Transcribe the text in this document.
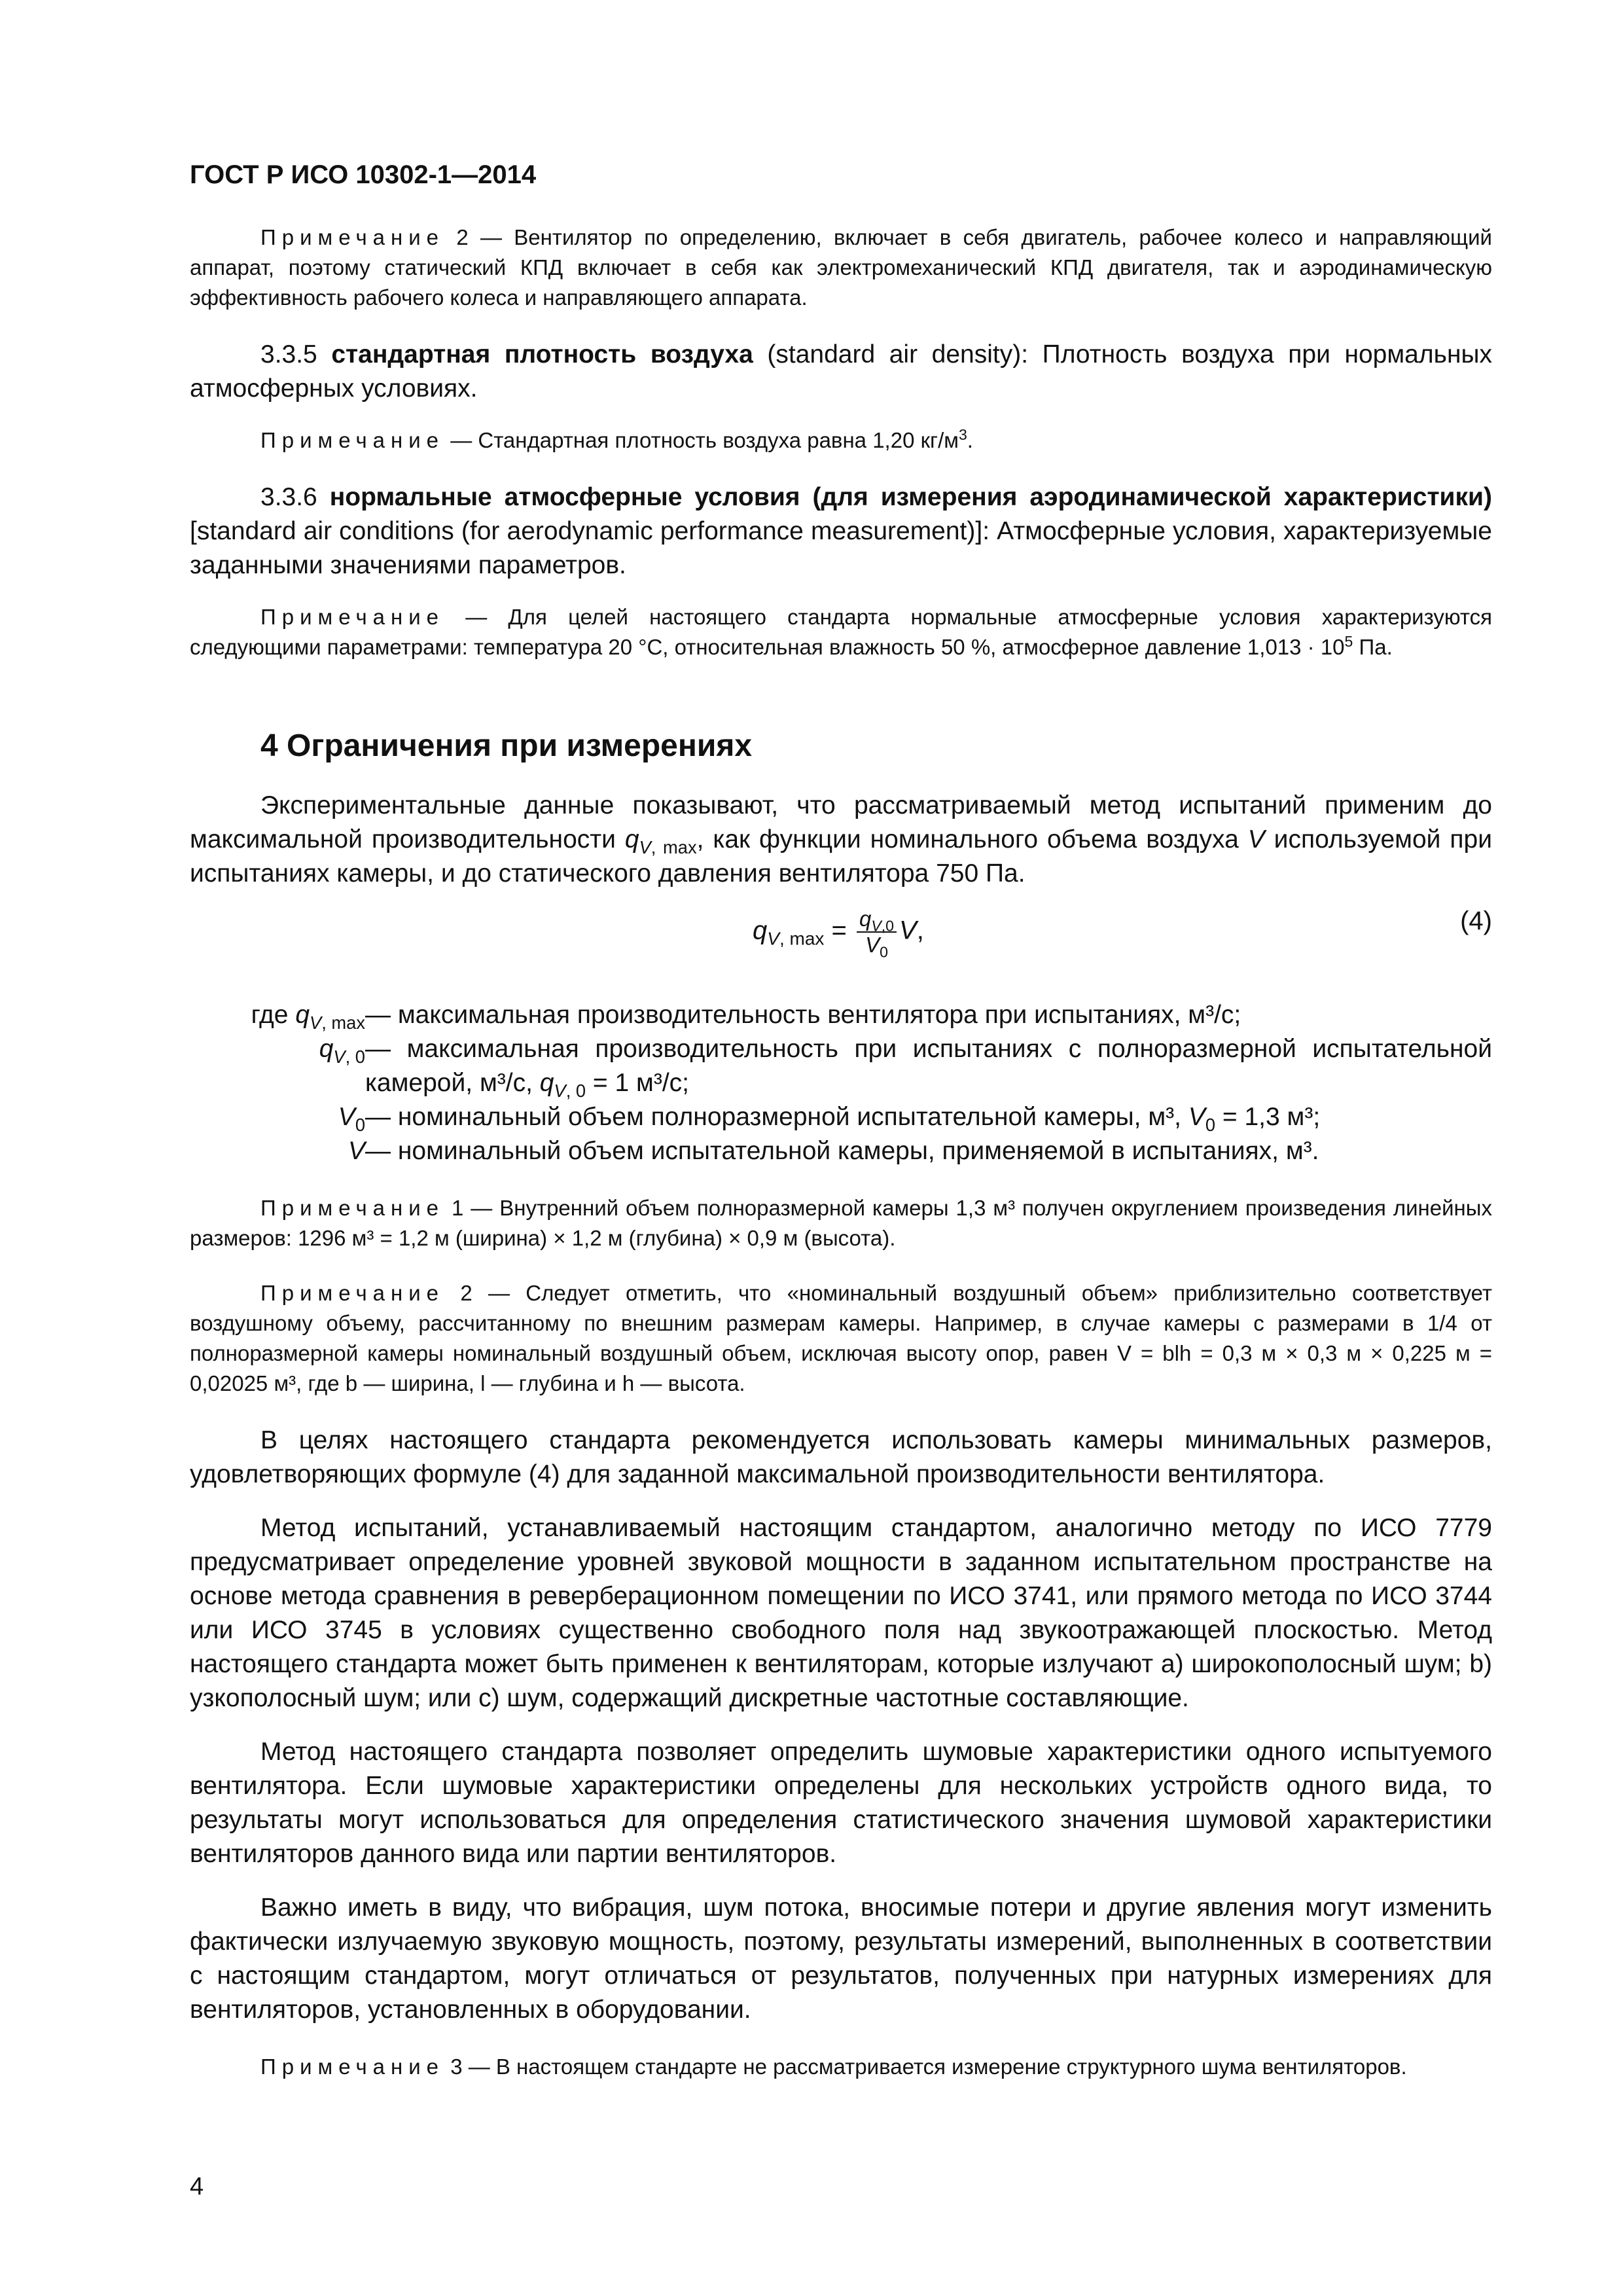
ГОСТ Р ИСО 10302-1—2014

Примечание 2 — Вентилятор по определению, включает в себя двигатель, рабочее колесо и направляющий аппарат, поэтому статический КПД включает в себя как электромеханический КПД двигателя, так и аэродинамическую эффективность рабочего колеса и направляющего аппарата.

3.3.5 стандартная плотность воздуха (standard air density): Плотность воздуха при нормальных атмосферных условиях.

Примечание — Стандартная плотность воздуха равна 1,20 $кг/м^3$.

3.3.6 нормальные атмосферные условия (для измерения аэродинамической характеристики) [standard air conditions (for aerodynamic performance measurement)]: Атмосферные условия, характеризуемые заданными значениями параметров.

Примечание — Для целей настоящего стандарта нормальные атмосферные условия характеризуются следующими параметрами: температура 20 °C, относительная влажность 50 %, атмосферное давление $1,013 \cdot 10^5$ Па.

4 Ограничения при измерениях

Экспериментальные данные показывают, что рассматриваемый метод испытаний применим до максимальной производительности $q_{V, max}$, как функции номинального объема воздуха V используемой при испытаниях камеры, и до статического давления вентилятора 750 Па.

$q_{V, max} = \frac{q_{V,0}}{V_0} V$,	(4)
где $q_{V, max}$ — максимальная производительность вентилятора при испытаниях, м³/с;
$q_{V, 0}$ — максимальная производительность при испытаниях с полноразмерной испытательной камерой, м³/с, $q_{V, 0} = 1$ м³/с;
$V_0$ — номинальный объем полноразмерной испытательной камеры, м³, $V_0 = 1,3$ м³;
V — номинальный объем испытательной камеры, применяемой в испытаниях, м³.

Примечание 1 — Внутренний объем полноразмерной камеры 1,3 м³ получен округлением произведения линейных размеров: 1296 м³ = 1,2 м (ширина) × 1,2 м (глубина) × 0,9 м (высота).

Примечание 2 — Следует отметить, что «номинальный воздушный объем» приблизительно соответствует воздушному объему, рассчитанному по внешним размерам камеры. Например, в случае камеры с размерами в 1/4 от полноразмерной камеры номинальный воздушный объем, исключая высоту опор, равен V = blh = 0,3 м × 0,3 м × 0,225 м = 0,02025 м³, где b — ширина, l — глубина и h — высота.

В целях настоящего стандарта рекомендуется использовать камеры минимальных размеров, удовлетворяющих формуле (4) для заданной максимальной производительности вентилятора.

Метод испытаний, устанавливаемый настоящим стандартом, аналогично методу по ИСО 7779 предусматривает определение уровней звуковой мощности в заданном испытательном пространстве на основе метода сравнения в реверберационном помещении по ИСО 3741, или прямого метода по ИСО 3744 или ИСО 3745 в условиях существенно свободного поля над звукоотражающей плоскостью. Метод настоящего стандарта может быть применен к вентиляторам, которые излучают a) широкополосный шум; b) узкополосный шум; или c) шум, содержащий дискретные частотные составляющие.

Метод настоящего стандарта позволяет определить шумовые характеристики одного испытуемого вентилятора. Если шумовые характеристики определены для нескольких устройств одного вида, то результаты могут использоваться для определения статистического значения шумовой характеристики вентиляторов данного вида или партии вентиляторов.

Важно иметь в виду, что вибрация, шум потока, вносимые потери и другие явления могут изменить фактически излучаемую звуковую мощность, поэтому, результаты измерений, выполненных в соответствии с настоящим стандартом, могут отличаться от результатов, полученных при натурных измерениях для вентиляторов, установленных в оборудовании.

Примечание 3 — В настоящем стандарте не рассматривается измерение структурного шума вентиляторов.

4
